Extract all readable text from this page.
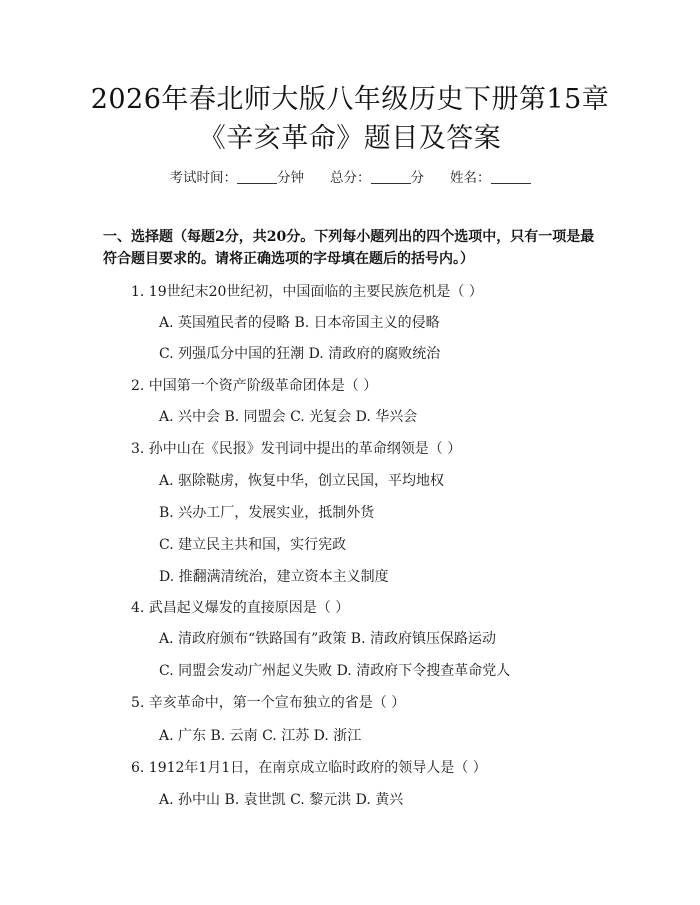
2026年春北师大版八年级历史下册第15章
《辛亥革命》题目及答案
考试时间：	分钟 总分：	分 姓名：
一、选择题（每题2分，共20分。下列每小题列出的四个选项中，只有一项是最符合题目要求的。请将正确选项的字母填在题后的括号内。）
1. 19世纪末20世纪初，中国面临的主要民族危机是（ ）
A. 英国殖民者的侵略 B. 日本帝国主义的侵略
C. 列强瓜分中国的狂潮 D. 清政府的腐败统治
2. 中国第一个资产阶级革命团体是（ ）
A. 兴中会 B. 同盟会 C. 光复会 D. 华兴会
3. 孙中山在《民报》发刊词中提出的革命纲领是（ ）
A. 驱除鞑虏，恢复中华，创立民国，平均地权
B. 兴办工厂，发展实业，抵制外货
C. 建立民主共和国，实行宪政
D. 推翻满清统治，建立资本主义制度
4. 武昌起义爆发的直接原因是（ ）
A. 清政府颁布“铁路国有”政策 B. 清政府镇压保路运动
C. 同盟会发动广州起义失败 D. 清政府下令搜查革命党人
5. 辛亥革命中，第一个宣布独立的省是（ ）
A. 广东 B. 云南 C. 江苏 D. 浙江
6. 1912年1月1日，在南京成立临时政府的领导人是（ ）
A. 孙中山 B. 袁世凯 C. 黎元洪 D. 黄兴
